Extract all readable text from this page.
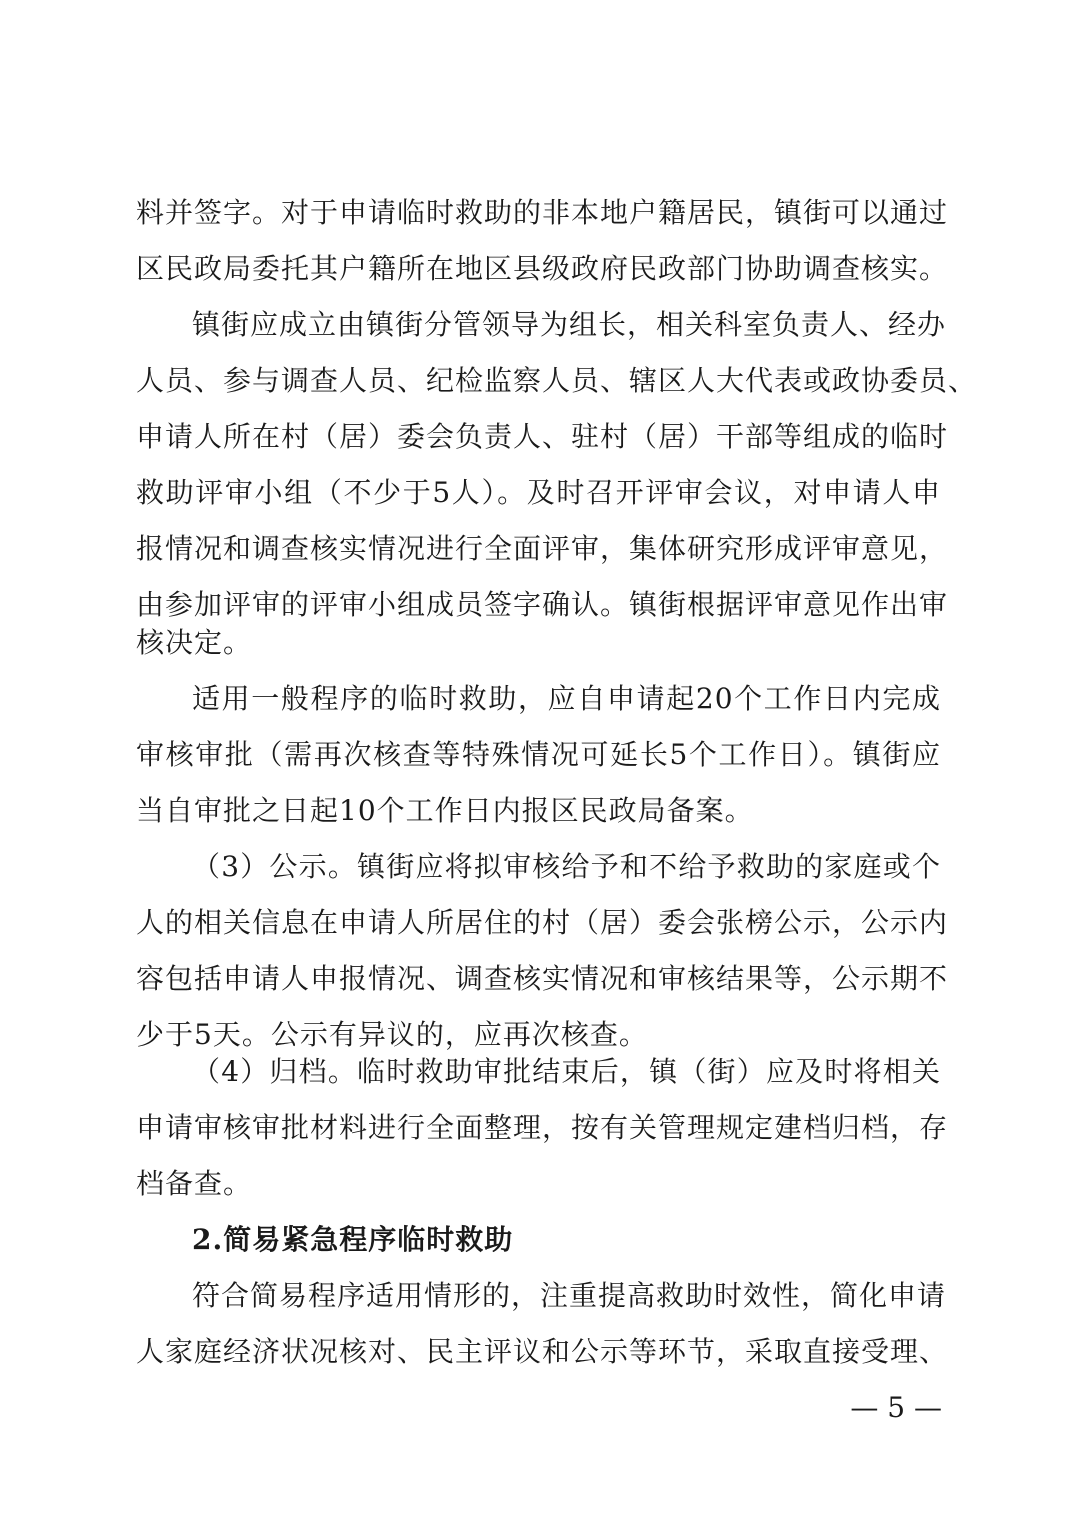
料并签字。对于申请临时救助的非本地户籍居民，镇街可以通过
区民政局委托其户籍所在地区县级政府民政部门协助调查核实。
镇街应成立由镇街分管领导为组长，相关科室负责人、经办
人员、参与调查人员、纪检监察人员、辖区人大代表或政协委员、
申请人所在村（居）委会负责人、驻村（居）干部等组成的临时
救助评审小组（不少于5人）。及时召开评审会议，对申请人申
报情况和调查核实情况进行全面评审，集体研究形成评审意见，
由参加评审的评审小组成员签字确认。镇街根据评审意见作出审
核决定。
适用一般程序的临时救助，应自申请起20个工作日内完成
审核审批（需再次核查等特殊情况可延长5个工作日）。镇街应
当自审批之日起10个工作日内报区民政局备案。
（3）公示。镇街应将拟审核给予和不给予救助的家庭或个
人的相关信息在申请人所居住的村（居）委会张榜公示，公示内
容包括申请人申报情况、调查核实情况和审核结果等，公示期不
少于5天。公示有异议的，应再次核查。
（4）归档。临时救助审批结束后，镇（街）应及时将相关
申请审核审批材料进行全面整理，按有关管理规定建档归档，存
档备查。
2.简易紧急程序临时救助
符合简易程序适用情形的，注重提高救助时效性，简化申请
人家庭经济状况核对、民主评议和公示等环节，采取直接受理、
— 5 —
